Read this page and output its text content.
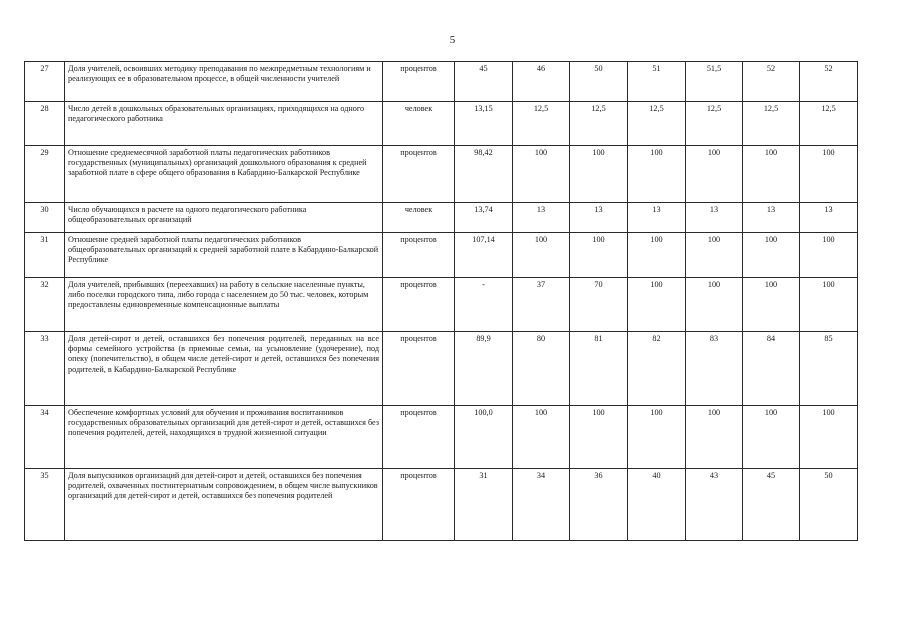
5
27	Доля учителей, освоивших методику преподавания по межпредметным технологиям и реализующих ее в образовательном процессе, в общей численности учителей	процентов	45	46	50	51	51,5	52	52
28	Число детей в дошкольных образовательных организациях, приходящихся на одного педагогического работника	человек	13,15	12,5	12,5	12,5	12,5	12,5	12,5
29	Отношение среднемесячной заработной платы педагогических работников государственных (муниципальных) организаций дошкольного образования к средней заработной плате в сфере общего образования в Кабардино-Балкарской Республике	процентов	98,42	100	100	100	100	100	100
30	Число обучающихся в расчете на одного педагогического работника общеобразовательных организаций	человек	13,74	13	13	13	13	13	13
31	Отношение средней заработной платы педагогических работников общеобразовательных организаций к средней заработной плате в Кабардино-Балкарской Республике	процентов	107,14	100	100	100	100	100	100
32	Доля учителей, прибывших (переехавших) на работу в сельские населенные пункты, либо поселки городского типа, либо города с населением до 50 тыс. человек, которым предоставлены единовременные компенсационные выплаты	процентов	-	37	70	100	100	100	100
33	Доля детей-сирот и детей, оставшихся без попечения родителей, переданных на все формы семейного устройства (в приемные семьи, на усыновление (удочерение), под опеку (попечительство), в общем числе детей-сирот и детей, оставшихся без попечения родителей, в Кабардино-Балкарской Республике	процентов	89,9	80	81	82	83	84	85
34	Обеспечение комфортных условий для обучения и проживания воспитанников государственных образовательных организаций для детей-сирот и детей, оставшихся без попечения родителей, детей, находящихся в трудной жизненной ситуации	процентов	100,0	100	100	100	100	100	100
35	Доля выпускников организаций для детей-сирот и детей, оставшихся без попечения родителей, охваченных постинтернатным сопровождением, в общем числе выпускников организаций для детей-сирот и детей, оставшихся без попечения родителей	процентов	31	34	36	40	43	45	50
